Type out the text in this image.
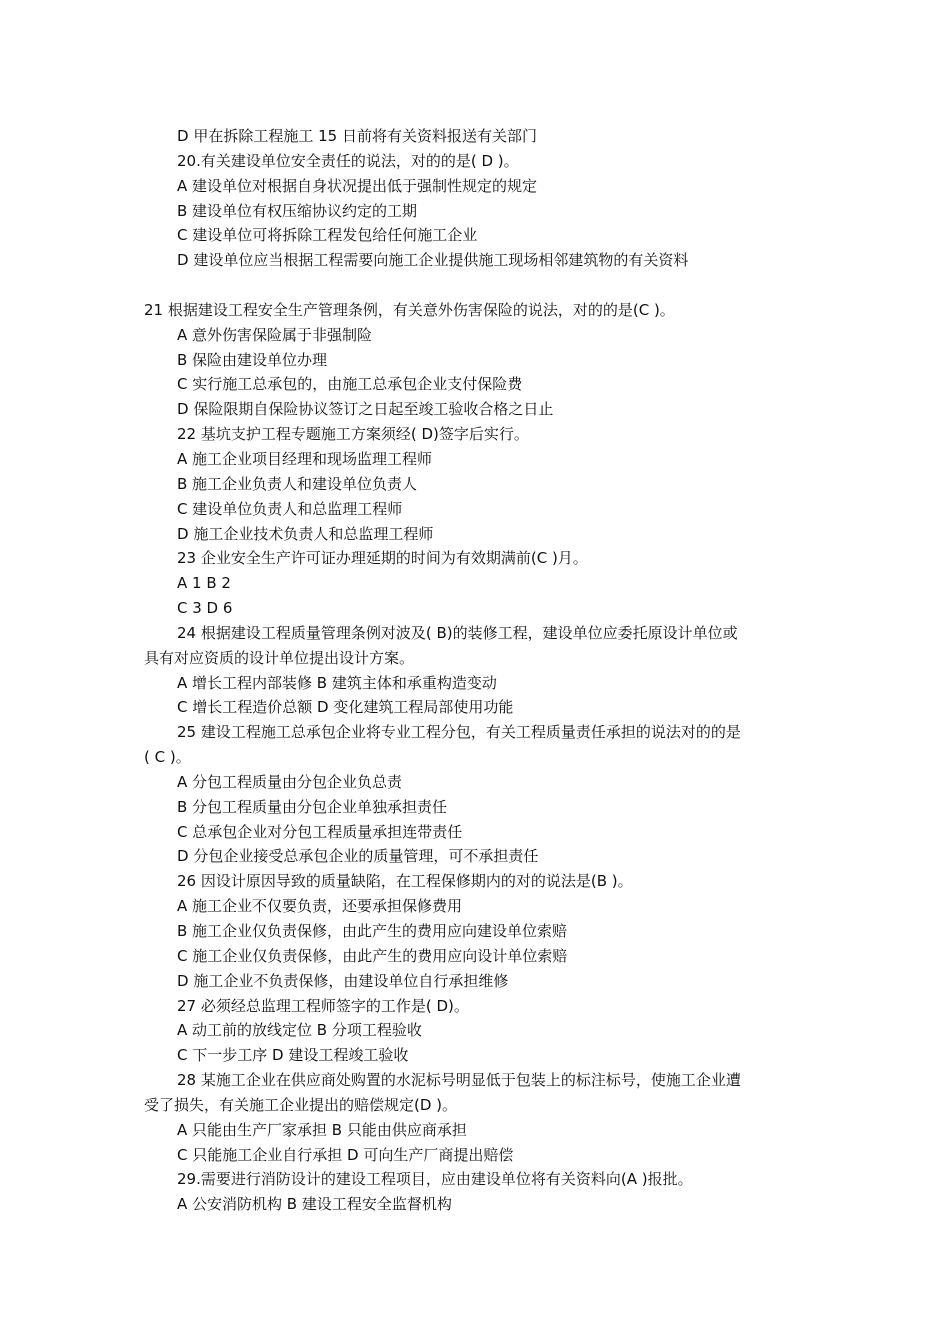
D 甲在拆除工程施工 15 日前将有关资料报送有关部门
20.有关建设单位安全责任的说法，对的的是( D )。
A 建设单位对根据自身状况提出低于强制性规定的规定
B 建设单位有权压缩协议约定的工期
C 建设单位可将拆除工程发包给任何施工企业
D 建设单位应当根据工程需要向施工企业提供施工现场相邻建筑物的有关资料
21 根据建设工程安全生产管理条例，有关意外伤害保险的说法，对的的是(C )。
A 意外伤害保险属于非强制险
B 保险由建设单位办理
C 实行施工总承包的，由施工总承包企业支付保险费
D 保险限期自保险协议签订之日起至竣工验收合格之日止
22 基坑支护工程专题施工方案须经( D)签字后实行。
A 施工企业项目经理和现场监理工程师
B 施工企业负责人和建设单位负责人
C 建设单位负责人和总监理工程师
D 施工企业技术负责人和总监理工程师
23 企业安全生产许可证办理延期的时间为有效期满前(C )月。
A 1 B 2
C 3 D 6
24 根据建设工程质量管理条例对波及( B)的装修工程，建设单位应委托原设计单位或
具有对应资质的设计单位提出设计方案。
A 增长工程内部装修 B 建筑主体和承重构造变动
C 增长工程造价总额 D 变化建筑工程局部使用功能
25 建设工程施工总承包企业将专业工程分包，有关工程质量责任承担的说法对的的是
( C )。
A 分包工程质量由分包企业负总责
B 分包工程质量由分包企业单独承担责任
C 总承包企业对分包工程质量承担连带责任
D 分包企业接受总承包企业的质量管理，可不承担责任
26 因设计原因导致的质量缺陷，在工程保修期内的对的说法是(B )。
A 施工企业不仅要负责，还要承担保修费用
B 施工企业仅负责保修，由此产生的费用应向建设单位索赔
C 施工企业仅负责保修，由此产生的费用应向设计单位索赔
D 施工企业不负责保修，由建设单位自行承担维修
27 必须经总监理工程师签字的工作是( D)。
A 动工前的放线定位 B 分项工程验收
C 下一步工序 D 建设工程竣工验收
28 某施工企业在供应商处购置的水泥标号明显低于包装上的标注标号，使施工企业遭
受了损失，有关施工企业提出的赔偿规定(D )。
A 只能由生产厂家承担 B 只能由供应商承担
C 只能施工企业自行承担 D 可向生产厂商提出赔偿
29.需要进行消防设计的建设工程项目，应由建设单位将有关资料向(A )报批。
A 公安消防机构 B 建设工程安全监督机构
